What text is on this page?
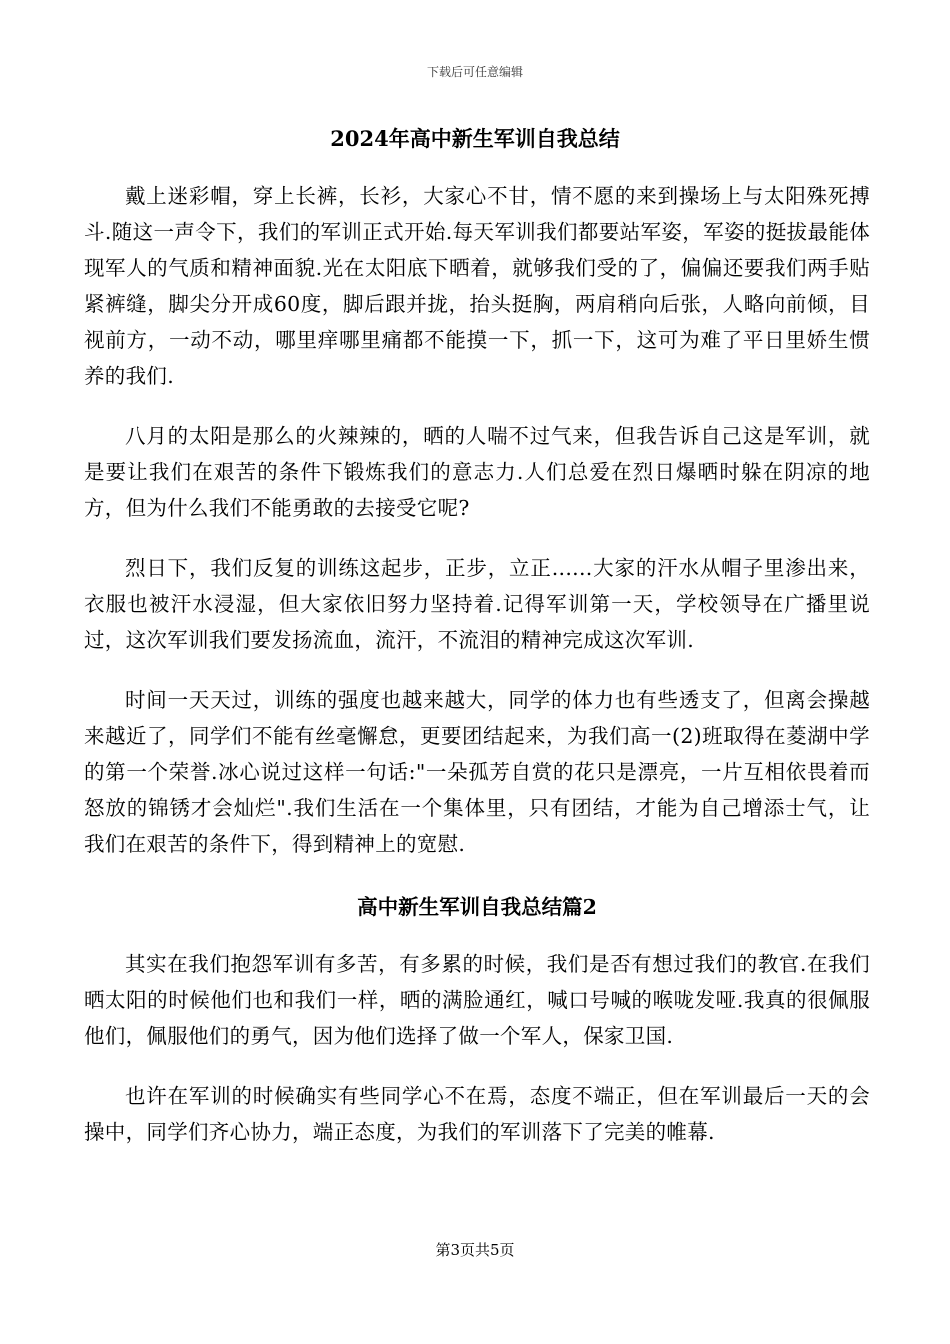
下载后可任意编辑
2024年高中新生军训自我总结

戴上迷彩帽，穿上长裤，长衫，大家心不甘，情不愿的来到操场上与太阳殊死搏斗.随这一声令下，我们的军训正式开始.每天军训我们都要站军姿，军姿的挺拔最能体现军人的气质和精神面貌.光在太阳底下晒着，就够我们受的了，偏偏还要我们两手贴紧裤缝，脚尖分开成60度，脚后跟并拢，抬头挺胸，两肩稍向后张，人略向前倾，目视前方，一动不动，哪里痒哪里痛都不能摸一下，抓一下，这可为难了平日里娇生惯养的我们.

八月的太阳是那么的火辣辣的，晒的人喘不过气来，但我告诉自己这是军训，就是要让我们在艰苦的条件下锻炼我们的意志力.人们总爱在烈日爆晒时躲在阴凉的地方，但为什么我们不能勇敢的去接受它呢?

烈日下，我们反复的训练这起步，正步，立正......大家的汗水从帽子里渗出来，衣服也被汗水浸湿，但大家依旧努力坚持着.记得军训第一天，学校领导在广播里说过，这次军训我们要发扬流血，流汗，不流泪的精神完成这次军训.

时间一天天过，训练的强度也越来越大，同学的体力也有些透支了，但离会操越来越近了，同学们不能有丝毫懈怠，更要团结起来，为我们高一(2)班取得在菱湖中学的第一个荣誉.冰心说过这样一句话:"一朵孤芳自赏的花只是漂亮，一片互相依畏着而怒放的锦锈才会灿烂".我们生活在一个集体里，只有团结，才能为自己增添士气，让我们在艰苦的条件下，得到精神上的宽慰.

高中新生军训自我总结篇2

其实在我们抱怨军训有多苦，有多累的时候，我们是否有想过我们的教官.在我们晒太阳的时候他们也和我们一样，晒的满脸通红，喊口号喊的喉咙发哑.我真的很佩服他们，佩服他们的勇气，因为他们选择了做一个军人，保家卫国.

也许在军训的时候确实有些同学心不在焉，态度不端正，但在军训最后一天的会操中，同学们齐心协力，端正态度，为我们的军训落下了完美的帷幕.

第3页共5页
